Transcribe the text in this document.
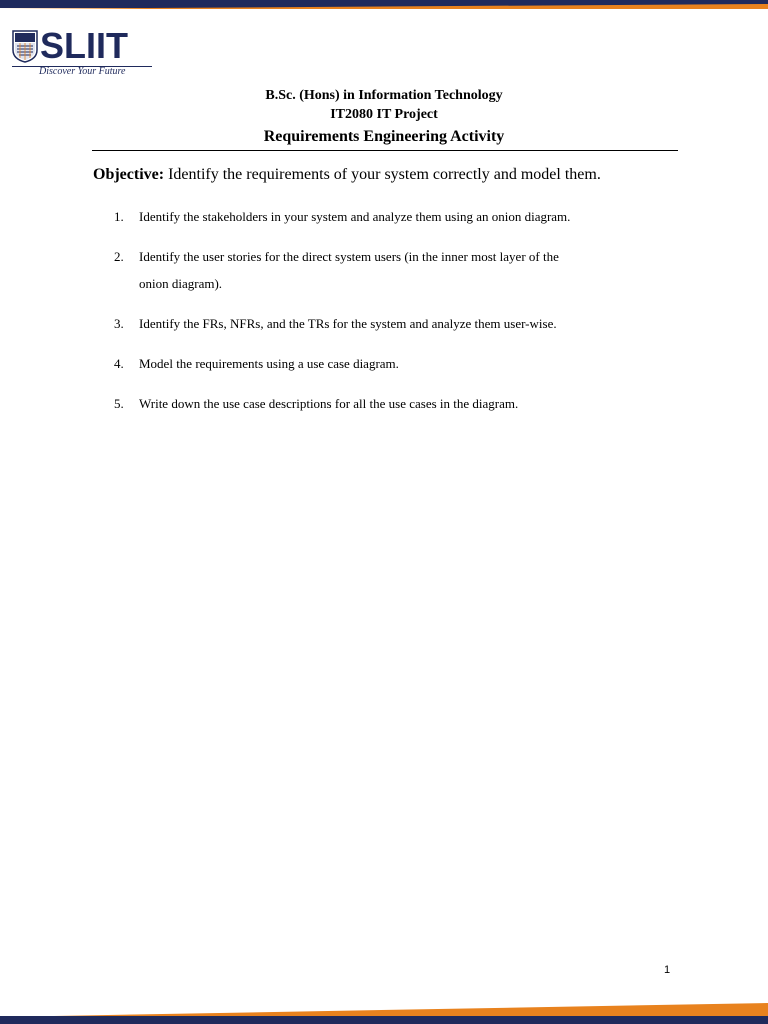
SLIIT
Discover Your Future
B.Sc. (Hons) in Information Technology
IT2080 IT Project
Requirements Engineering Activity
Objective: Identify the requirements of your system correctly and model them.
1. Identify the stakeholders in your system and analyze them using an onion diagram.
2. Identify the user stories for the direct system users (in the inner most layer of the
onion diagram).
3. Identify the FRs, NFRs, and the TRs for the system and analyze them user-wise.
4. Model the requirements using a use case diagram.
5. Write down the use case descriptions for all the use cases in the diagram.
1
